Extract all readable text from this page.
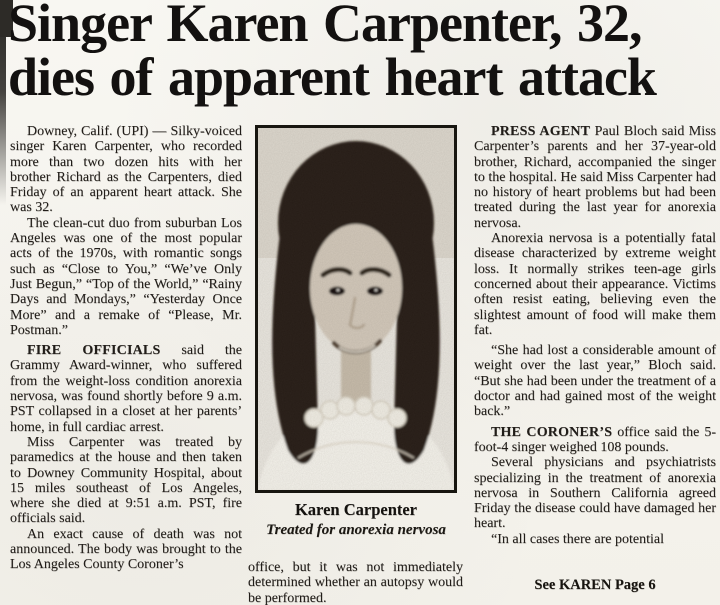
Singer Karen Carpenter, 32,
dies of apparent heart attack

Downey, Calif. (UPI) — Silky-voiced singer Karen Carpenter, who recorded more than two dozen hits with her brother Richard as the Carpenters, died Friday of an apparent heart attack. She was 32.

The clean-cut duo from suburban Los Angeles was one of the most popular acts of the 1970s, with romantic songs such as “Close to You,” “We’ve Only Just Begun,” “Top of the World,” “Rainy Days and Mondays,” “Yesterday Once More” and a remake of “Please, Mr. Postman.”

FIRE OFFICIALS said the Grammy Award-winner, who suffered from the weight-loss condition anorexia nervosa, was found shortly before 9 a.m. PST collapsed in a closet at her parents’ home, in full cardiac arrest.

Miss Carpenter was treated by paramedics at the house and then taken to Downey Community Hospital, about 15 miles southeast of Los Angeles, where she died at 9:51 a.m. PST, fire officials said.

An exact cause of death was not announced. The body was brought to the Los Angeles County Coroner’s

Karen Carpenter
Treated for anorexia nervosa

office, but it was not immediately determined whether an autopsy would be performed.

PRESS AGENT Paul Bloch said Miss Carpenter’s parents and her 37-year-old brother, Richard, accompanied the singer to the hospital. He said Miss Carpenter had no history of heart problems but had been treated during the last year for anorexia nervosa.

Anorexia nervosa is a potentially fatal disease characterized by extreme weight loss. It normally strikes teen-age girls concerned about their appearance. Victims often resist eating, believing even the slightest amount of food will make them fat.

“She had lost a considerable amount of weight over the last year,” Bloch said. “But she had been under the treatment of a doctor and had gained most of the weight back.”

THE CORONER’S office said the 5-foot-4 singer weighed 108 pounds.

Several physicians and psychiatrists specializing in the treatment of anorexia nervosa in Southern California agreed Friday the disease could have damaged her heart.

“In all cases there are potential

See KAREN Page 6
